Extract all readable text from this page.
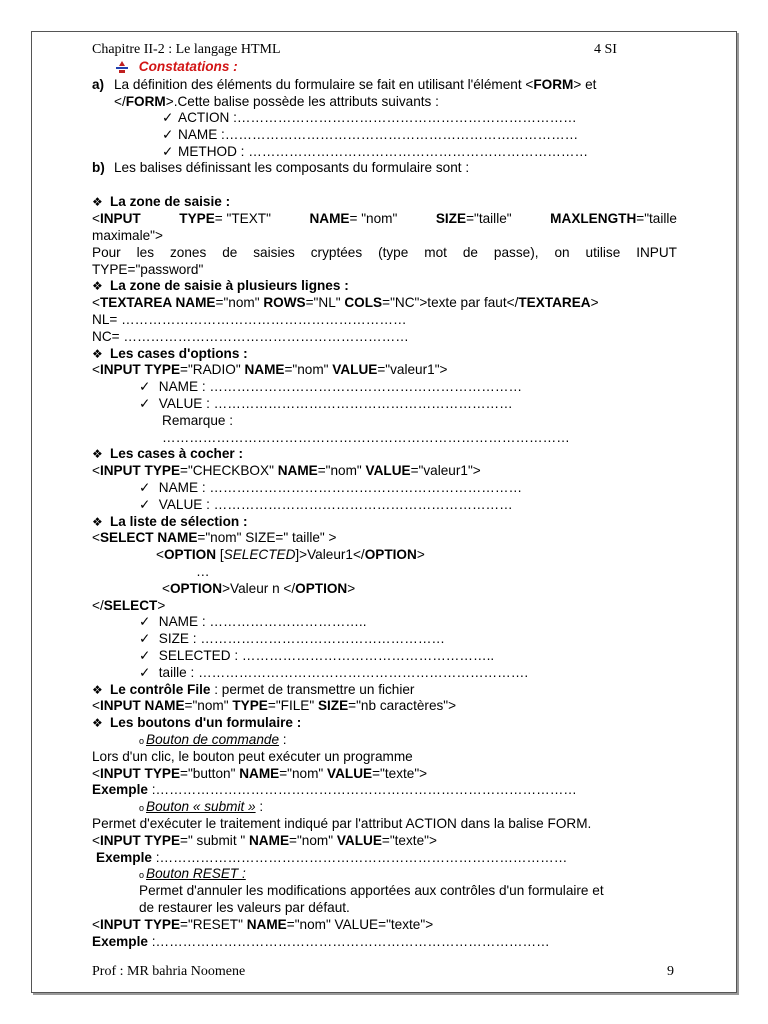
Chapitre II-2 : Le langage HTML	4 SI
Constatations :
a) La définition des éléments du formulaire se fait en utilisant l'élément <FORM> et
</FORM>.Cette balise possède les attributs suivants :
✓ ACTION :…………………………………………………………………
✓ NAME :……………………………………………………………………
✓ METHOD : …………………………………………………………………
b) Les balises définissant les composants du formulaire sont :
❖ La zone de saisie :
<INPUT	TYPE= "TEXT"	NAME= "nom"	SIZE="taille"	MAXLENGTH="taille
maximale">
Pour les zones de saisies cryptées (type mot de passe), on utilise INPUT
TYPE="password"
❖ La zone de saisie à plusieurs lignes :
<TEXTAREA NAME="nom" ROWS="NL" COLS="NC">texte par faut</TEXTAREA>
NL= ………………………………………………………
NC= ………………………………………………………
❖ Les cases d'options :
<INPUT TYPE="RADIO" NAME="nom" VALUE="valeur1">
✓ NAME : ……………………………………………………………
✓ VALUE : …………………………………………………………
Remarque :
………………………………………………………………………………
❖ Les cases à cocher :
<INPUT TYPE="CHECKBOX" NAME="nom" VALUE="valeur1">
✓ NAME : ……………………………………………………………
✓ VALUE : …………………………………………………………
❖ La liste de sélection :
<SELECT NAME="nom" SIZE=" taille" >
<OPTION [SELECTED]>Valeur1</OPTION>
…
<OPTION>Valeur n </OPTION>
</SELECT>
✓ NAME : ……………………………..
✓ SIZE : ………………………………………………
✓ SELECTED : ………………………………………………..
✓ taille : ……………………………………………………………….
❖ Le contrôle File : permet de transmettre un fichier
<INPUT NAME="nom" TYPE="FILE" SIZE="nb caractères">
❖ Les boutons d'un formulaire :
o Bouton de commande :
Lors d'un clic, le bouton peut exécuter un programme
<INPUT TYPE="button" NAME="nom" VALUE="texte">
Exemple :…………………………………………………………………………………
o Bouton « submit » :
Permet d'exécuter le traitement indiqué par l'attribut ACTION dans la balise FORM.
<INPUT TYPE=" submit " NAME="nom" VALUE="texte">
Exemple :………………………………………………………………………………
o Bouton RESET :
Permet d'annuler les modifications apportées aux contrôles d'un formulaire et
de restaurer les valeurs par défaut.
<INPUT TYPE="RESET" NAME="nom" VALUE="texte">
Exemple :……………………………………………………………………………
Prof : MR bahria Noomene	9
